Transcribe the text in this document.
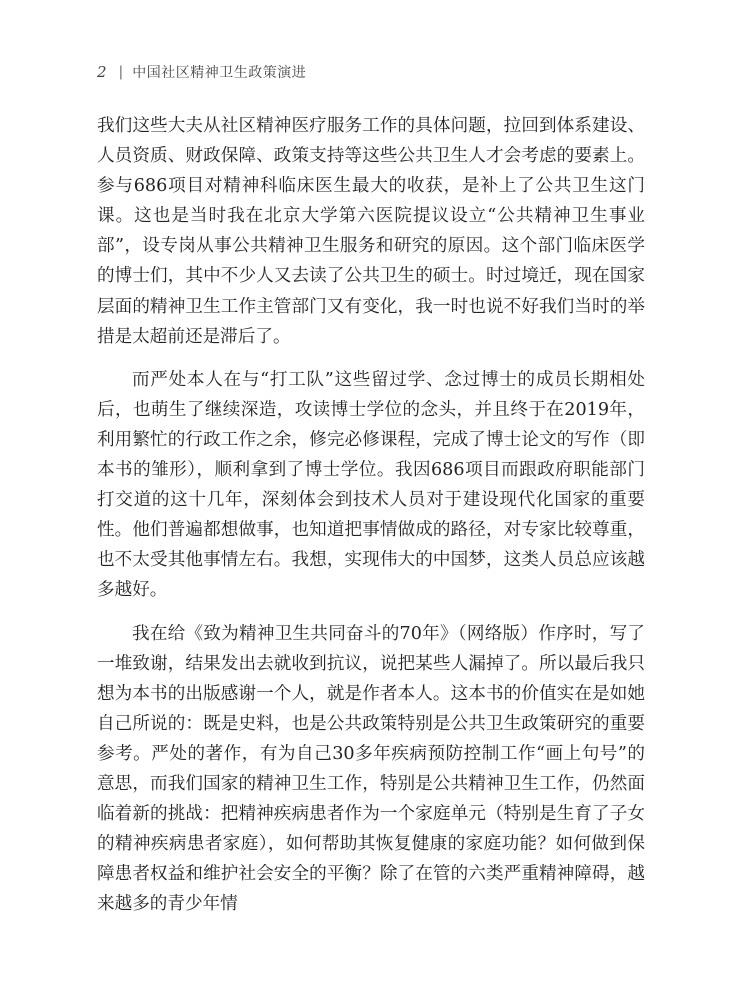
2 | 中国社区精神卫生政策演进

我们这些大夫从社区精神医疗服务工作的具体问题，拉回到体系建设、人员资质、财政保障、政策支持等这些公共卫生人才会考虑的要素上。参与686项目对精神科临床医生最大的收获，是补上了公共卫生这门课。这也是当时我在北京大学第六医院提议设立“公共精神卫生事业部”，设专岗从事公共精神卫生服务和研究的原因。这个部门临床医学的博士们，其中不少人又去读了公共卫生的硕士。时过境迁，现在国家层面的精神卫生工作主管部门又有变化，我一时也说不好我们当时的举措是太超前还是滞后了。

而严处本人在与“打工队”这些留过学、念过博士的成员长期相处后，也萌生了继续深造，攻读博士学位的念头，并且终于在2019年，利用繁忙的行政工作之余，修完必修课程，完成了博士论文的写作（即本书的雏形），顺利拿到了博士学位。我因686项目而跟政府职能部门打交道的这十几年，深刻体会到技术人员对于建设现代化国家的重要性。他们普遍都想做事，也知道把事情做成的路径，对专家比较尊重，也不太受其他事情左右。我想，实现伟大的中国梦，这类人员总应该越多越好。

我在给《致为精神卫生共同奋斗的70年》（网络版）作序时，写了一堆致谢，结果发出去就收到抗议，说把某些人漏掉了。所以最后我只想为本书的出版感谢一个人，就是作者本人。这本书的价值实在是如她自己所说的：既是史料，也是公共政策特别是公共卫生政策研究的重要参考。严处的著作，有为自己30多年疾病预防控制工作“画上句号”的意思，而我们国家的精神卫生工作，特别是公共精神卫生工作，仍然面临着新的挑战：把精神疾病患者作为一个家庭单元（特别是生育了子女的精神疾病患者家庭），如何帮助其恢复健康的家庭功能？如何做到保障患者权益和维护社会安全的平衡？除了在管的六类严重精神障碍，越来越多的青少年情
